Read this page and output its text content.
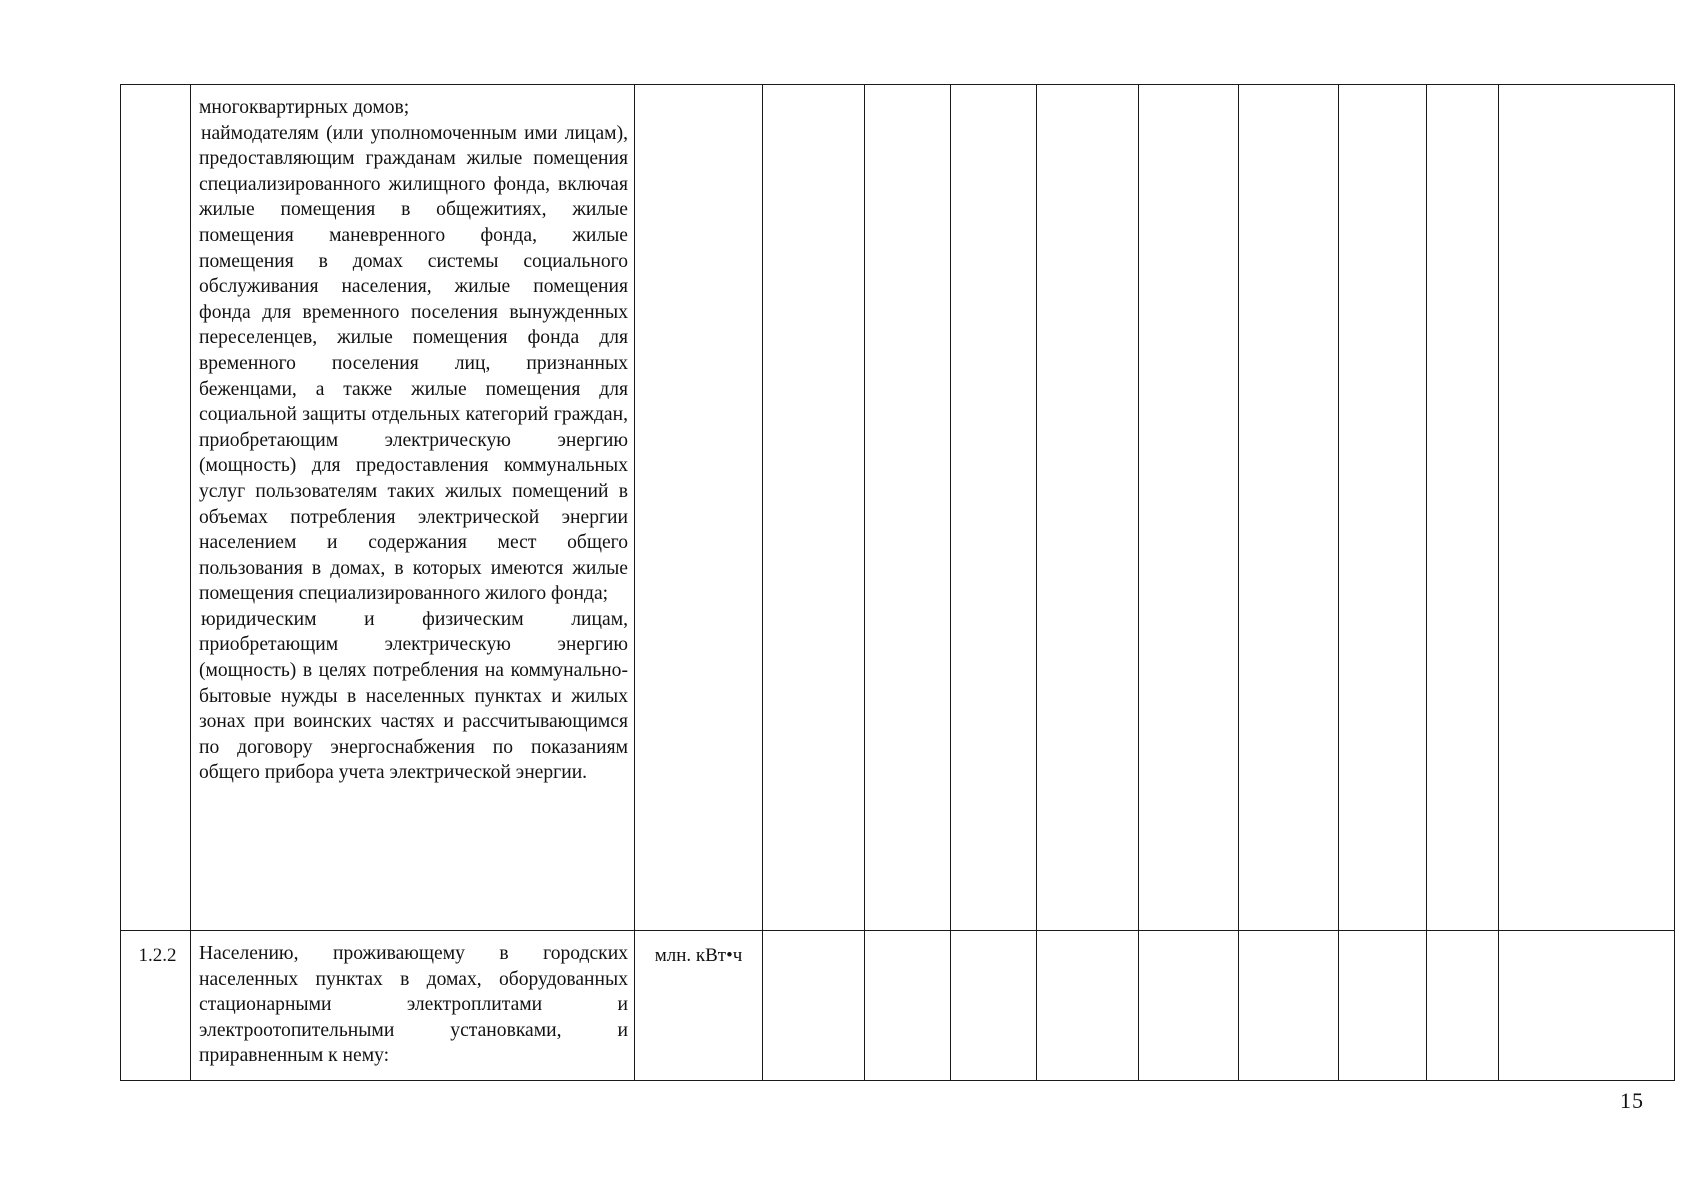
	многоквартирных домов;
наймодателям (или уполномоченным ими лицам), предоставляющим гражданам жилые помещения специализированного жилищного фонда, включая жилые помещения в общежитиях, жилые помещения маневренного фонда, жилые помещения в домах системы социального обслуживания населения, жилые помещения фонда для временного поселения вынужденных переселенцев, жилые помещения фонда для временного поселения лиц, признанных беженцами, а также жилые помещения для социальной защиты отдельных категорий граждан, приобретающим электрическую энергию (мощность) для предоставления коммунальных услуг пользователям таких жилых помещений в объемах потребления электрической энергии населением и содержания мест общего пользования в домах, в которых имеются жилые помещения специализированного жилого фонда;
юридическим и физическим лицам, приобретающим электрическую энергию (мощность) в целях потребления на коммунально-бытовые нужды в населенных пунктах и жилых зонах при воинских частях и рассчитывающимся по договору энергоснабжения по показаниям общего прибора учета электрической энергии.										

1.2.2	Населению, проживающему в городских населенных пунктах в домах, оборудованных стационарными электроплитами и электроотопительными установками, и приравненным к нему:	млн. кВт•ч									
15
